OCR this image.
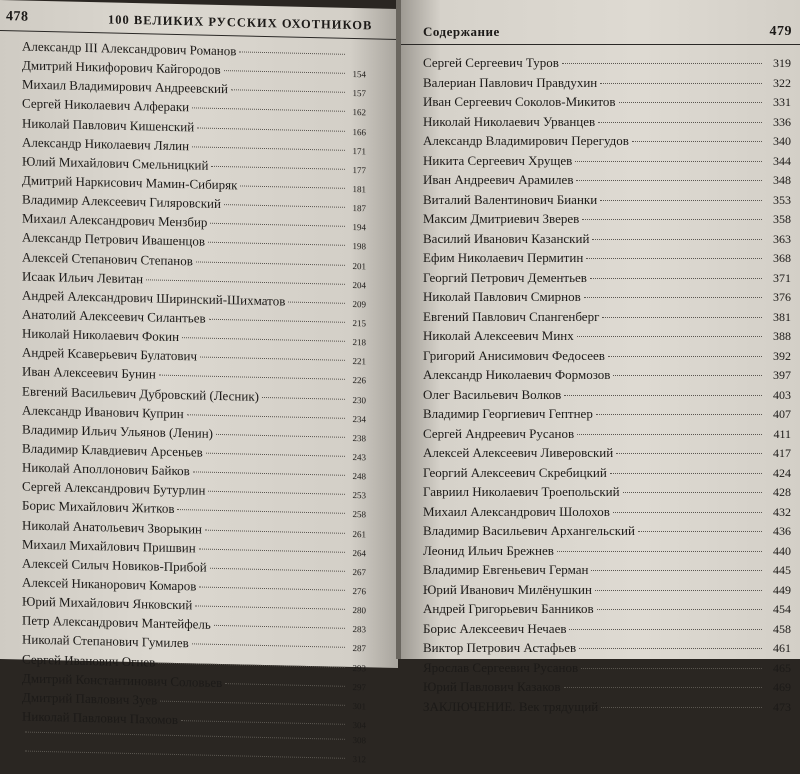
478	100 ВЕЛИКИХ РУССКИХ ОХОТНИКОВ
Александр III Александрович Романов
Дмитрий Никифорович Кайгородов	154
Михаил Владимирович Андреевский	157
Сергей Николаевич Алфераки	162
Николай Павлович Кишенский	166
Александр Николаевич Лялин	171
Юлий Михайлович Смельницкий	177
Дмитрий Наркисович Мамин-Сибиряк	181
Владимир Алексеевич Гиляровский	187
Михаил Александрович Мензбир	194
Александр Петрович Ивашенцов	198
Алексей Степанович Степанов	201
Исаак Ильич Левитан	204
Андрей Александрович Ширинский-Шихматов	209
Анатолий Алексеевич Силантьев	215
Николай Николаевич Фокин	218
Андрей Ксаверьевич Булатович	221
Иван Алексеевич Бунин	226
Евгений Васильевич Дубровский (Лесник)	230
Александр Иванович Куприн	234
Владимир Ильич Ульянов (Ленин)	238
Владимир Клавдиевич Арсеньев	243
Николай Аполлонович Байков	248
Сергей Александрович Бутурлин	253
Борис Михайлович Житков	258
Николай Анатольевич Зворыкин	261
Михаил Михайлович Пришвин	264
Алексей Силыч Новиков-Прибой	267
Алексей Никанорович Комаров	276
Юрий Михайлович Янковский	280
Петр Александрович Мантейфель	283
Николай Степанович Гумилев	287
Сергей Иванович Огнев	293
Дмитрий Константинович Соловьев	297
Дмитрий Павлович Зуев	301
Николай Павлович Пахомов	304
308
312
Содержание	479
Сергей Сергеевич Туров	319
Валериан Павлович Правдухин	322
Иван Сергеевич Соколов-Микитов	331
Николай Николаевич Урванцев	336
Александр Владимирович Перегудов	340
Никита Сергеевич Хрущев	344
Иван Андреевич Арамилев	348
Виталий Валентинович Бианки	353
Максим Дмитриевич Зверев	358
Василий Иванович Казанский	363
Ефим Николаевич Пермитин	368
Георгий Петрович Дементьев	371
Николай Павлович Смирнов	376
Евгений Павлович Спангенберг	381
Николай Алексеевич Минх	388
Григорий Анисимович Федосеев	392
Александр Николаевич Формозов	397
Олег Васильевич Волков	403
Владимир Георгиевич Гептнер	407
Сергей Андреевич Русанов	411
Алексей Алексеевич Ливеровский	417
Георгий Алексеевич Скребицкий	424
Гавриил Николаевич Троепольский	428
Михаил Александрович Шолохов	432
Владимир Васильевич Архангельский	436
Леонид Ильич Брежнев	440
Владимир Евгеньевич Герман	445
Юрий Иванович Милёнушкин	449
Андрей Григорьевич Банников	454
Борис Алексеевич Нечаев	458
Виктор Петрович Астафьев	461
Ярослав Сергеевич Русанов	465
Юрий Павлович Казаков	469
ЗАКЛЮЧЕНИЕ. Век трядущий	473
